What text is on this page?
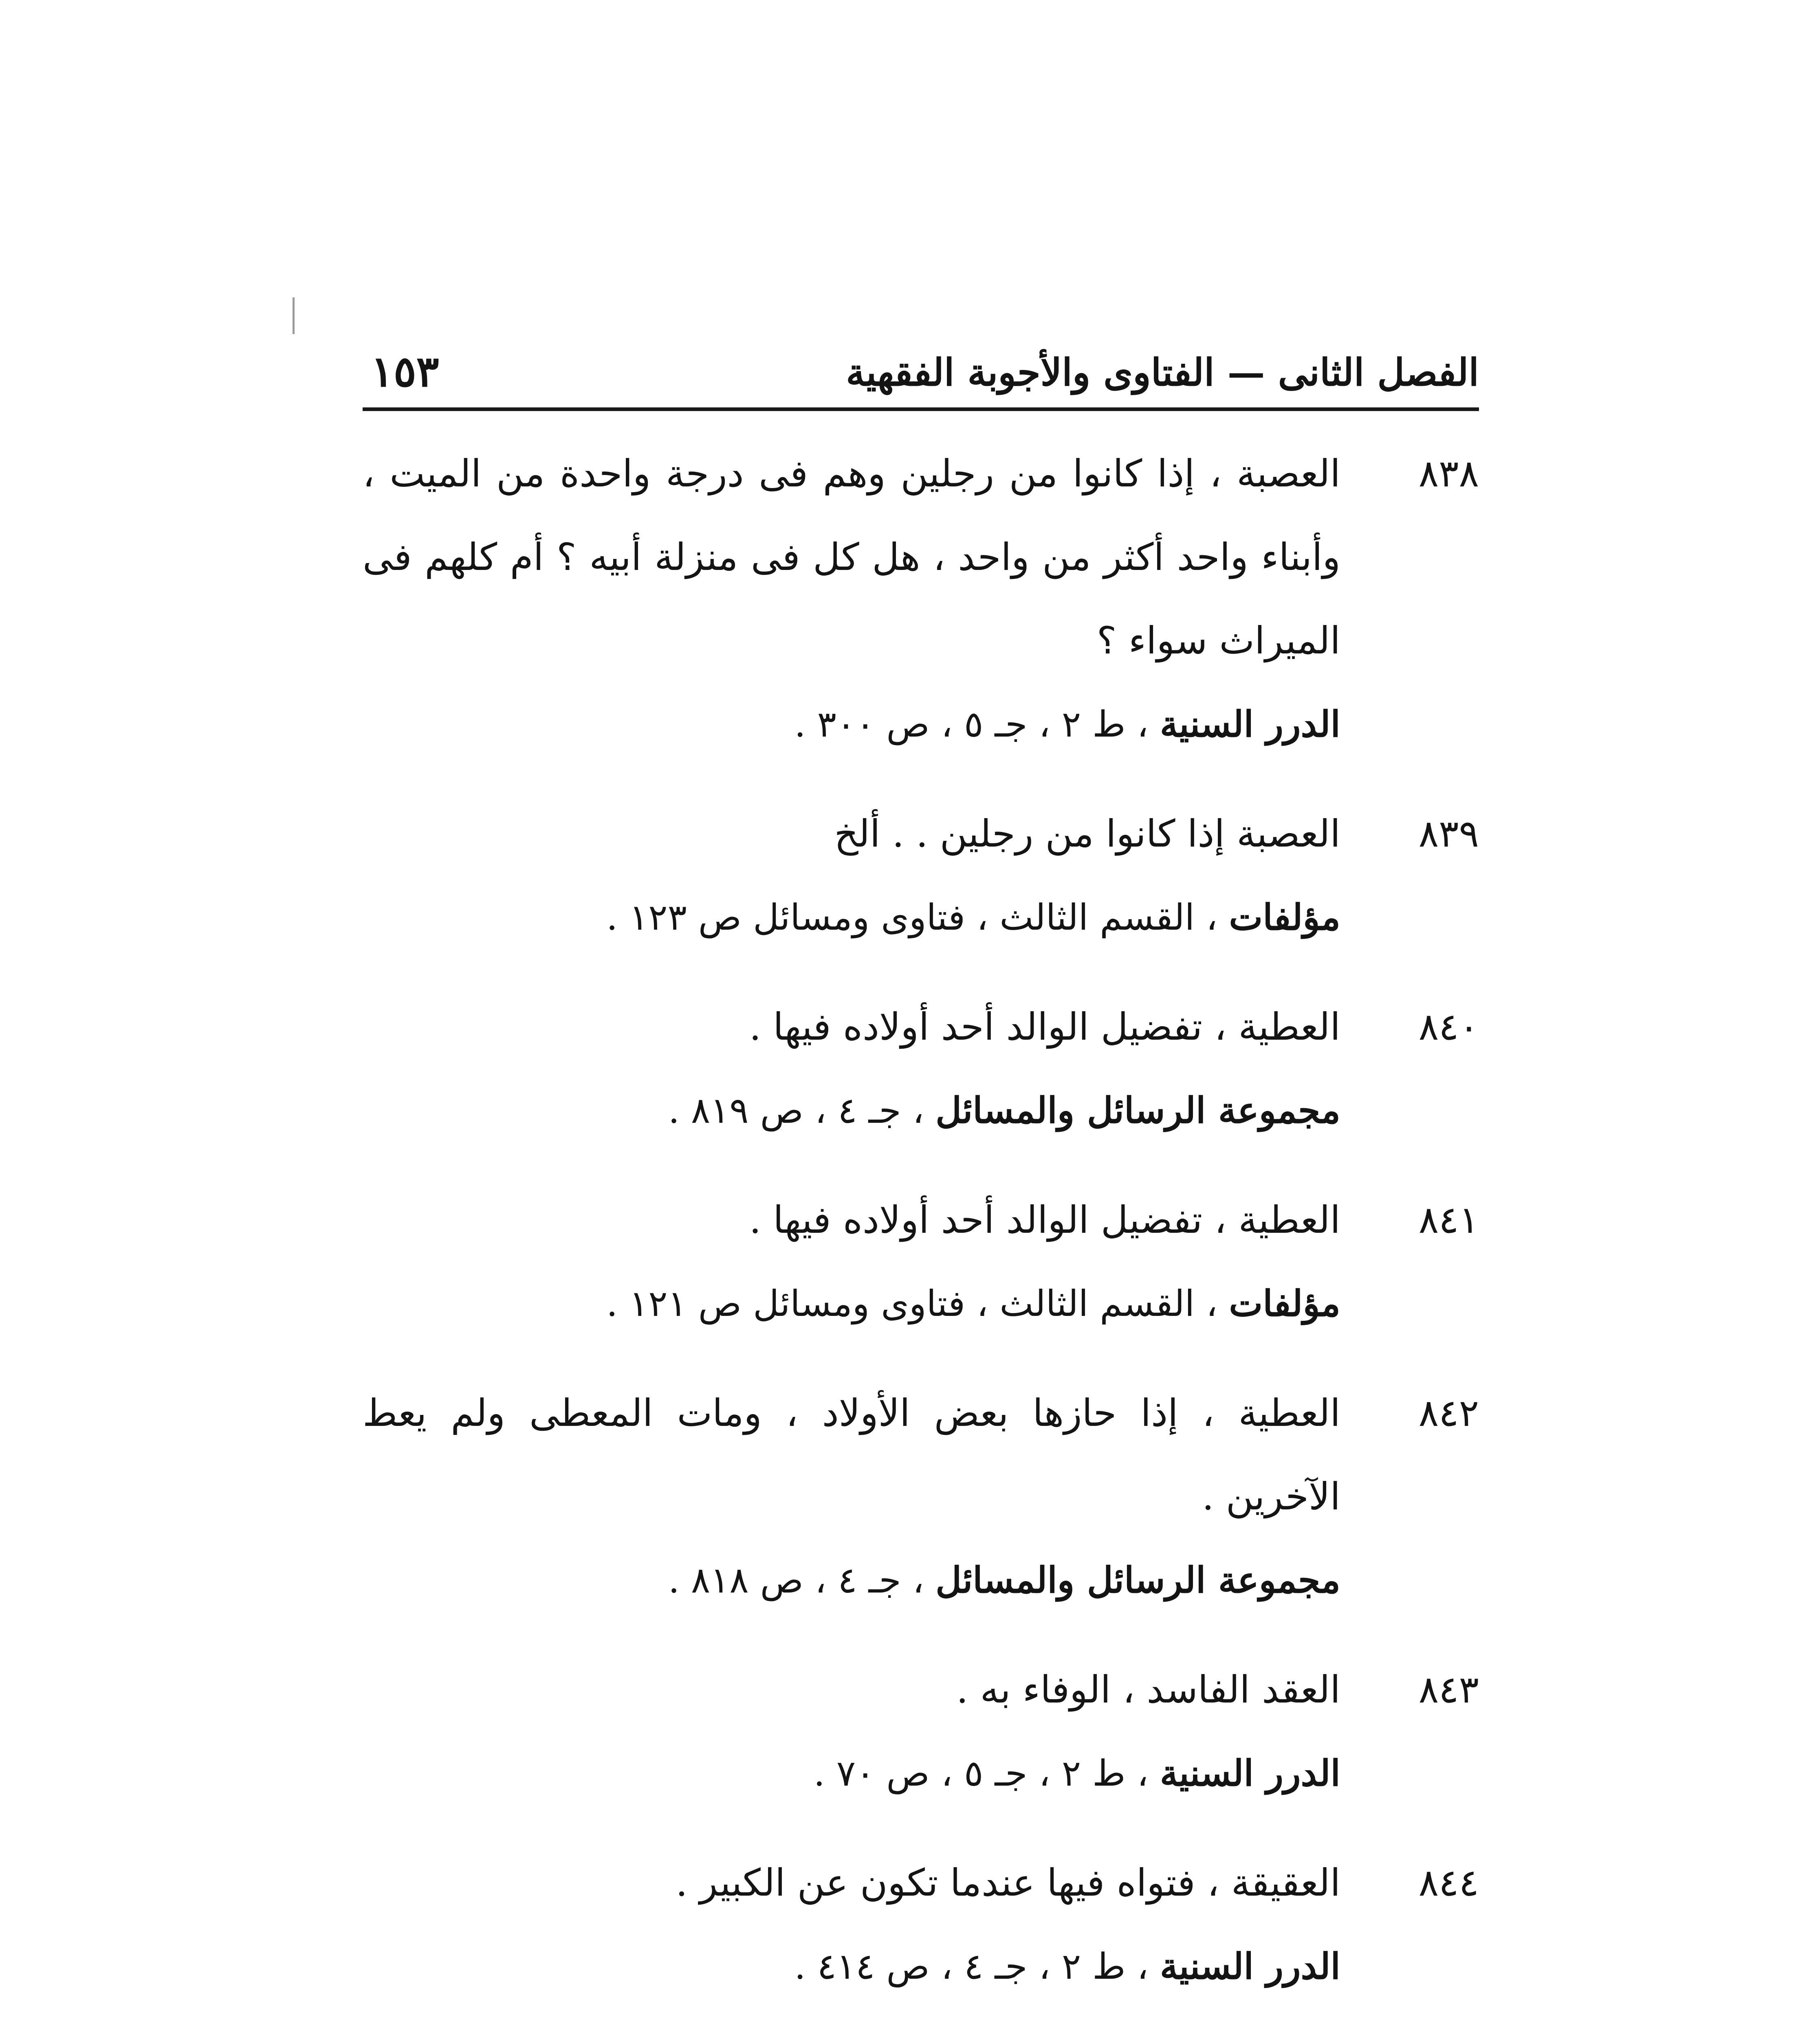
الفصل الثانى — الفتاوى والأجوبة الفقهية
١٥٣
٨٣٨
العصبة ، إذا كانوا من رجلين وهم فى درجة واحدة من الميت ، وأبناء واحد أكثر من واحد ، هل كل فى منزلة أبيه ؟ أم كلهم فى الميراث سواء ؟
الدرر السنية ، ط ٢ ، جـ ٥ ، ص ٣٠٠ .
٨٣٩
العصبة إذا كانوا من رجلين . . ألخ
مؤلفات ، القسم الثالث ، فتاوى ومسائل ص ١٢٣ .
٨٤٠
العطية ، تفضيل الوالد أحد أولاده فيها .
مجموعة الرسائل والمسائل ، جـ ٤ ، ص ٨١٩ .
٨٤١
العطية ، تفضيل الوالد أحد أولاده فيها .
مؤلفات ، القسم الثالث ، فتاوى ومسائل ص ١٢١ .
٨٤٢
العطية ، إذا حازها بعض الأولاد ، ومات المعطى ولم يعط الآخرين .
مجموعة الرسائل والمسائل ، جـ ٤ ، ص ٨١٨ .
٨٤٣
العقد الفاسد ، الوفاء به .
الدرر السنية ، ط ٢ ، جـ ٥ ، ص ٧٠ .
٨٤٤
العقيقة ، فتواه فيها عندما تكون عن الكبير .
الدرر السنية ، ط ٢ ، جـ ٤ ، ص ٤١٤ .
